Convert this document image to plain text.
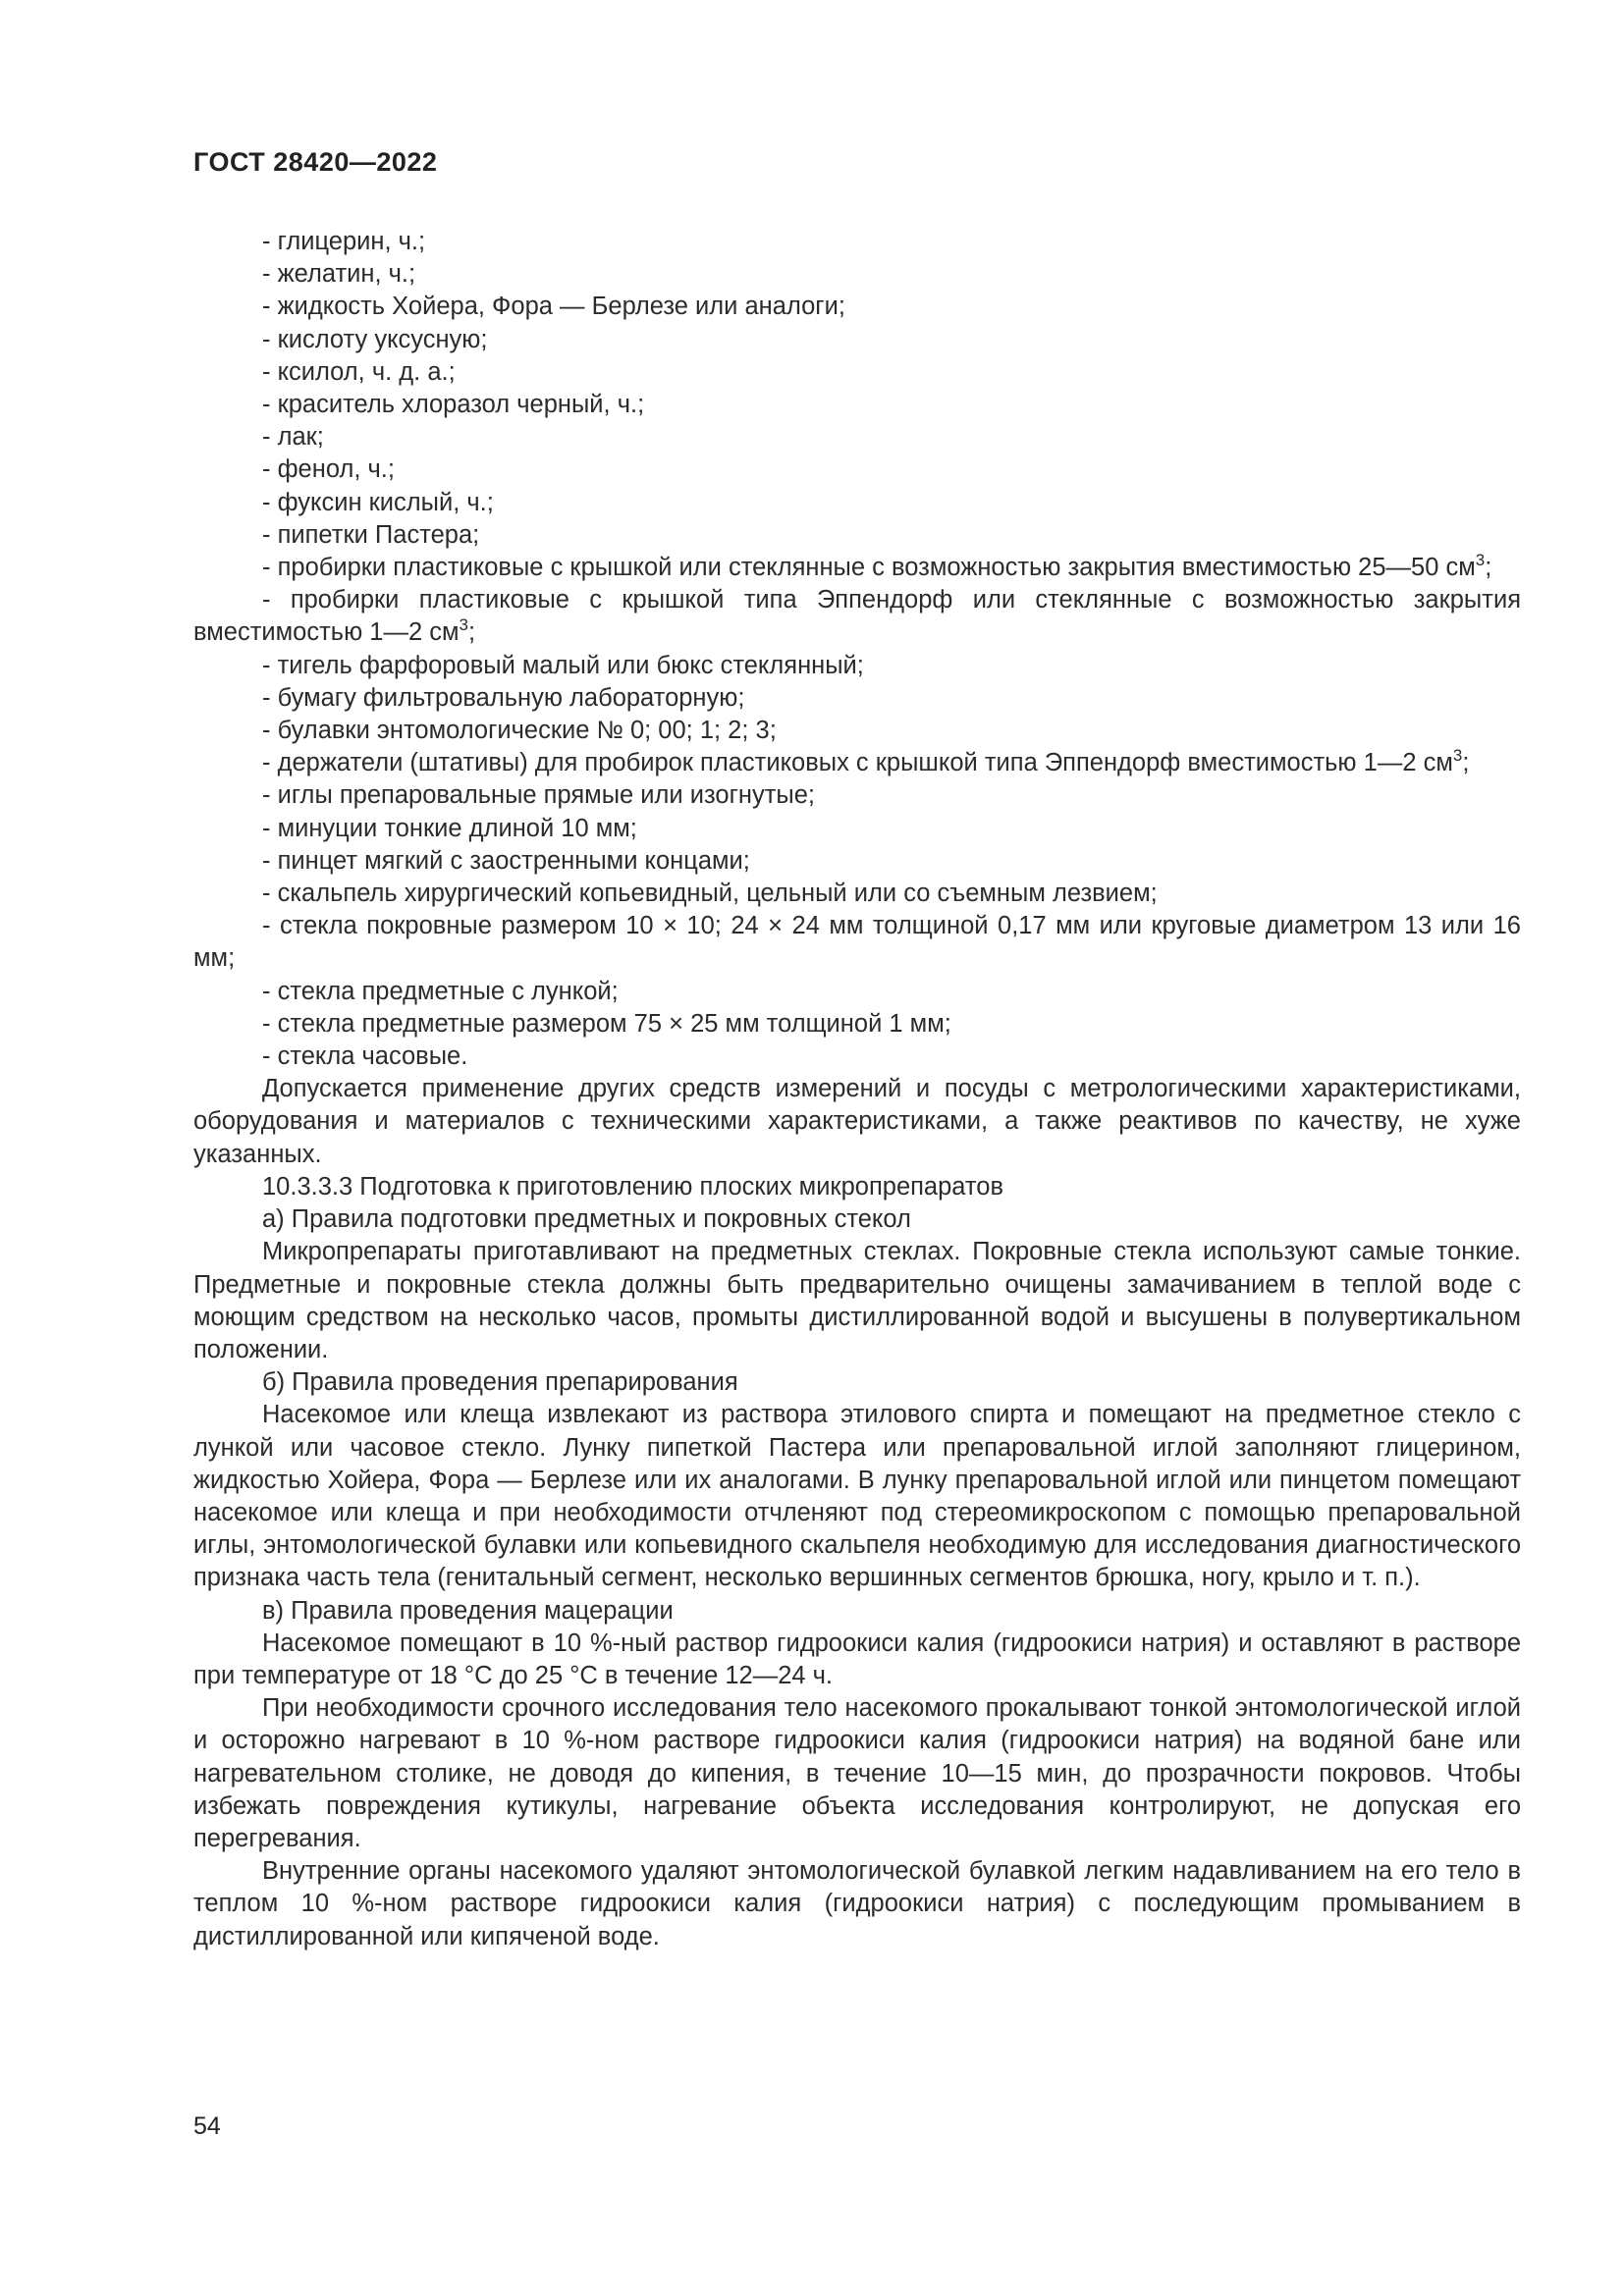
ГОСТ 28420—2022

- глицерин, ч.;

- желатин, ч.;

- жидкость Хойера, Фора — Берлезе или аналоги;

- кислоту уксусную;

- ксилол, ч. д. а.;

- краситель хлоразол черный, ч.;

- лак;

- фенол, ч.;

- фуксин кислый, ч.;

- пипетки Пастера;

- пробирки пластиковые с крышкой или стеклянные с возможностью закрытия вместимостью 25—50 $см^3$;

- пробирки пластиковые с крышкой типа Эппендорф или стеклянные с возможностью закрытия вместимостью 1—2 $см^3$;

- тигель фарфоровый малый или бюкс стеклянный;

- бумагу фильтровальную лабораторную;

- булавки энтомологические № 0; 00; 1; 2; 3;

- держатели (штативы) для пробирок пластиковых с крышкой типа Эппендорф вместимостью 1—2 $см^3$;

- иглы препаровальные прямые или изогнутые;

- минуции тонкие длиной 10 мм;

- пинцет мягкий с заостренными концами;

- скальпель хирургический копьевидный, цельный или со съемным лезвием;

- стекла покровные размером 10 × 10; 24 × 24 мм толщиной 0,17 мм или круговые диаметром 13 или 16 мм;

- стекла предметные с лункой;

- стекла предметные размером 75 × 25 мм толщиной 1 мм;

- стекла часовые.

Допускается применение других средств измерений и посуды с метрологическими характеристиками, оборудования и материалов с техническими характеристиками, а также реактивов по качеству, не хуже указанных.

10.3.3.3 Подготовка к приготовлению плоских микропрепаратов

а) Правила подготовки предметных и покровных стекол

Микропрепараты приготавливают на предметных стеклах. Покровные стекла используют самые тонкие. Предметные и покровные стекла должны быть предварительно очищены замачиванием в теплой воде с моющим средством на несколько часов, промыты дистиллированной водой и высушены в полувертикальном положении.

б) Правила проведения препарирования

Насекомое или клеща извлекают из раствора этилового спирта и помещают на предметное стекло с лункой или часовое стекло. Лунку пипеткой Пастера или препаровальной иглой заполняют глицерином, жидкостью Хойера, Фора — Берлезе или их аналогами. В лунку препаровальной иглой или пинцетом помещают насекомое или клеща и при необходимости отчленяют под стереомикроскопом с помощью препаровальной иглы, энтомологической булавки или копьевидного скальпеля необходимую для исследования диагностического признака часть тела (генитальный сегмент, несколько вершинных сегментов брюшка, ногу, крыло и т. п.).

в) Правила проведения мацерации

Насекомое помещают в 10 %-ный раствор гидроокиси калия (гидроокиси натрия) и оставляют в растворе при температуре от 18 °С до 25 °С в течение 12—24 ч.

При необходимости срочного исследования тело насекомого прокалывают тонкой энтомологической иглой и осторожно нагревают в 10 %-ном растворе гидроокиси калия (гидроокиси натрия) на водяной бане или нагревательном столике, не доводя до кипения, в течение 10—15 мин, до прозрачности покровов. Чтобы избежать повреждения кутикулы, нагревание объекта исследования контролируют, не допуская его перегревания.

Внутренние органы насекомого удаляют энтомологической булавкой легким надавливанием на его тело в теплом 10 %-ном растворе гидроокиси калия (гидроокиси натрия) с последующим промыванием в дистиллированной или кипяченой воде.

54
